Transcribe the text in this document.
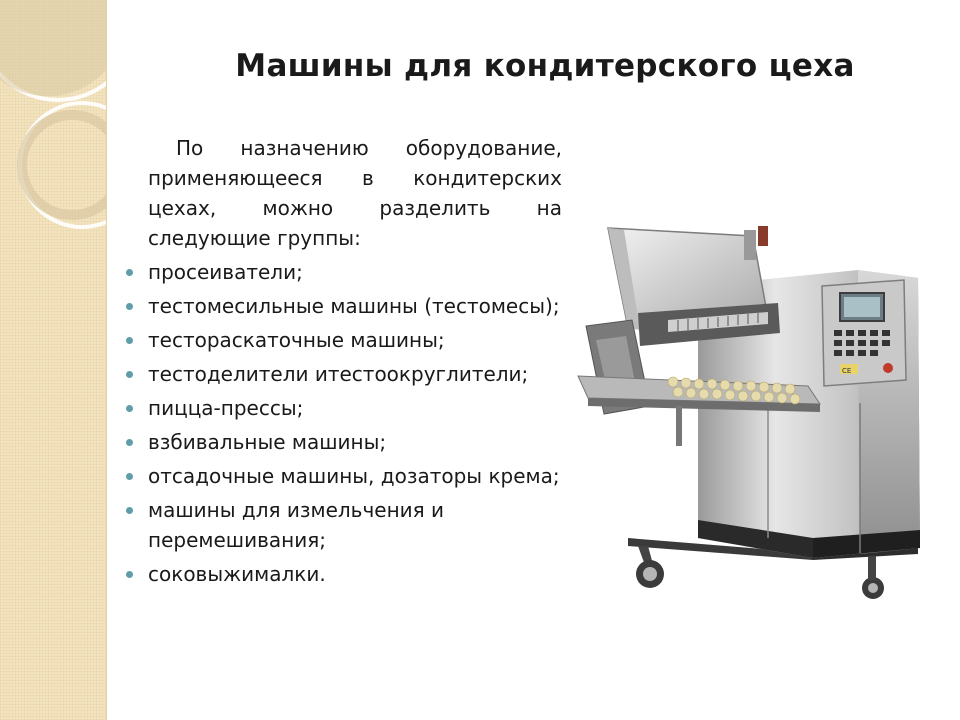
Машины для кондитерского цеха

По назначению оборудование, применяющееся в кондитерских цехах, можно разделить на следующие группы:

просеиватели;
тестомесильные машины (тестомесы);
тестораскаточные машины;
тестоделители итестоокруглители;
пицца-прессы;
взбивальные машины;
отсадочные машины, дозаторы крема;
машины для измельчения и перемешивания;
соковыжималки.
CE
